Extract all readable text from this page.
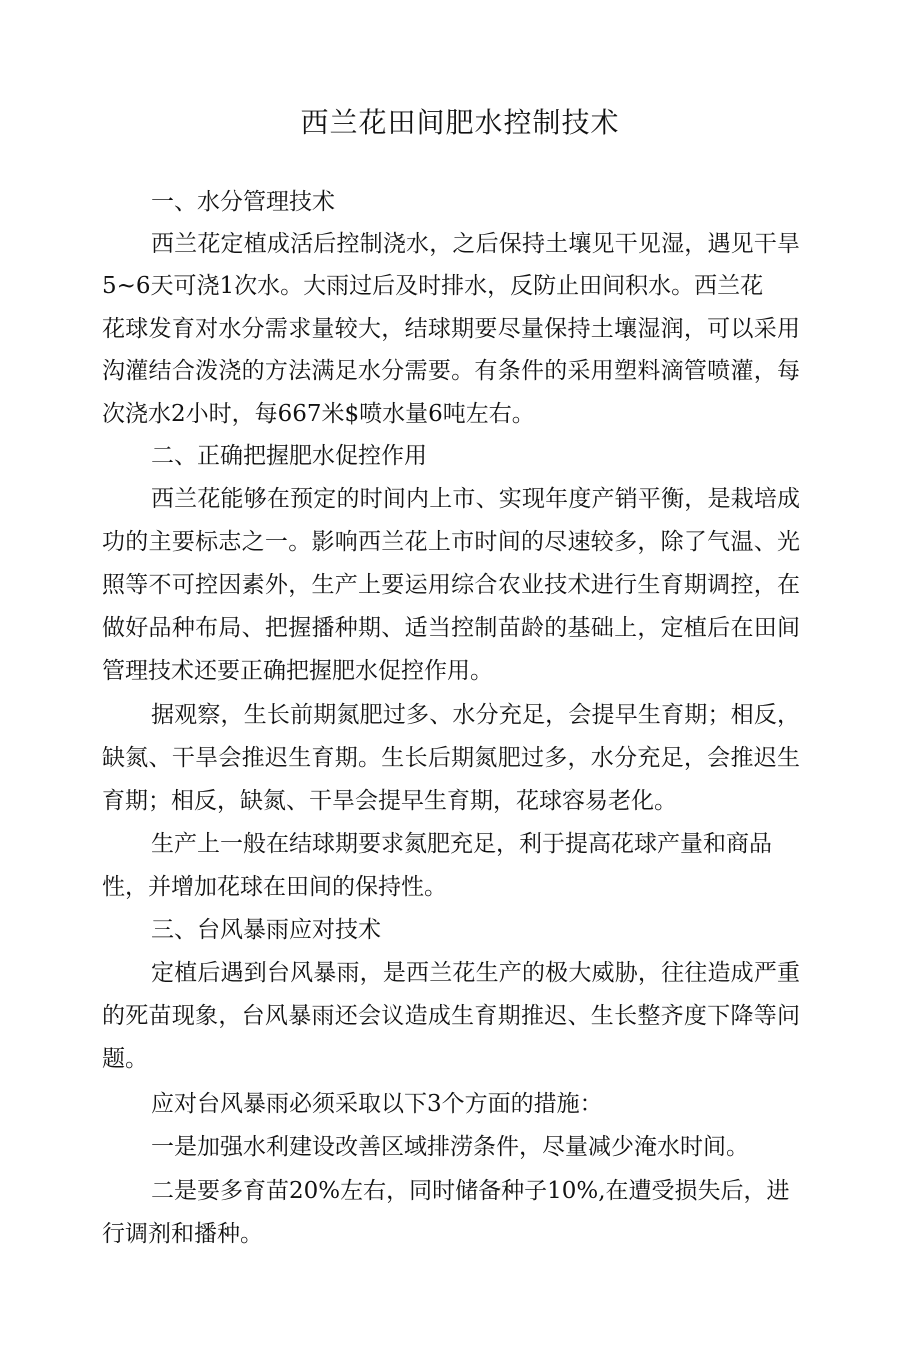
西兰花田间肥水控制技术

一、水分管理技术

西兰花定植成活后控制浇水，之后保持土壤见干见湿，遇见干旱

5~6天可浇1次水。大雨过后及时排水，反防止田间积水。西兰花

花球发育对水分需求量较大，结球期要尽量保持土壤湿润，可以采用

沟灌结合泼浇的方法满足水分需要。有条件的采用塑料滴管喷灌，每

次浇水2小时，每667米$喷水量6吨左右。

二、正确把握肥水促控作用

西兰花能够在预定的时间内上市、实现年度产销平衡，是栽培成

功的主要标志之一。影响西兰花上市时间的尽速较多，除了气温、光

照等不可控因素外，生产上要运用综合农业技术进行生育期调控，在

做好品种布局、把握播种期、适当控制苗龄的基础上，定植后在田间

管理技术还要正确把握肥水促控作用。

据观察，生长前期氮肥过多、水分充足，会提早生育期；相反，

缺氮、干旱会推迟生育期。生长后期氮肥过多，水分充足，会推迟生

育期；相反，缺氮、干旱会提早生育期，花球容易老化。

生产上一般在结球期要求氮肥充足，利于提高花球产量和商品

性，并增加花球在田间的保持性。

三、台风暴雨应对技术

定植后遇到台风暴雨，是西兰花生产的极大威胁，往往造成严重

的死苗现象，台风暴雨还会议造成生育期推迟、生长整齐度下降等问

题。

应对台风暴雨必须采取以下3个方面的措施：

一是加强水利建设改善区域排涝条件，尽量减少淹水时间。

二是要多育苗20%左右，同时储备种子10%,在遭受损失后，进

行调剂和播种。
